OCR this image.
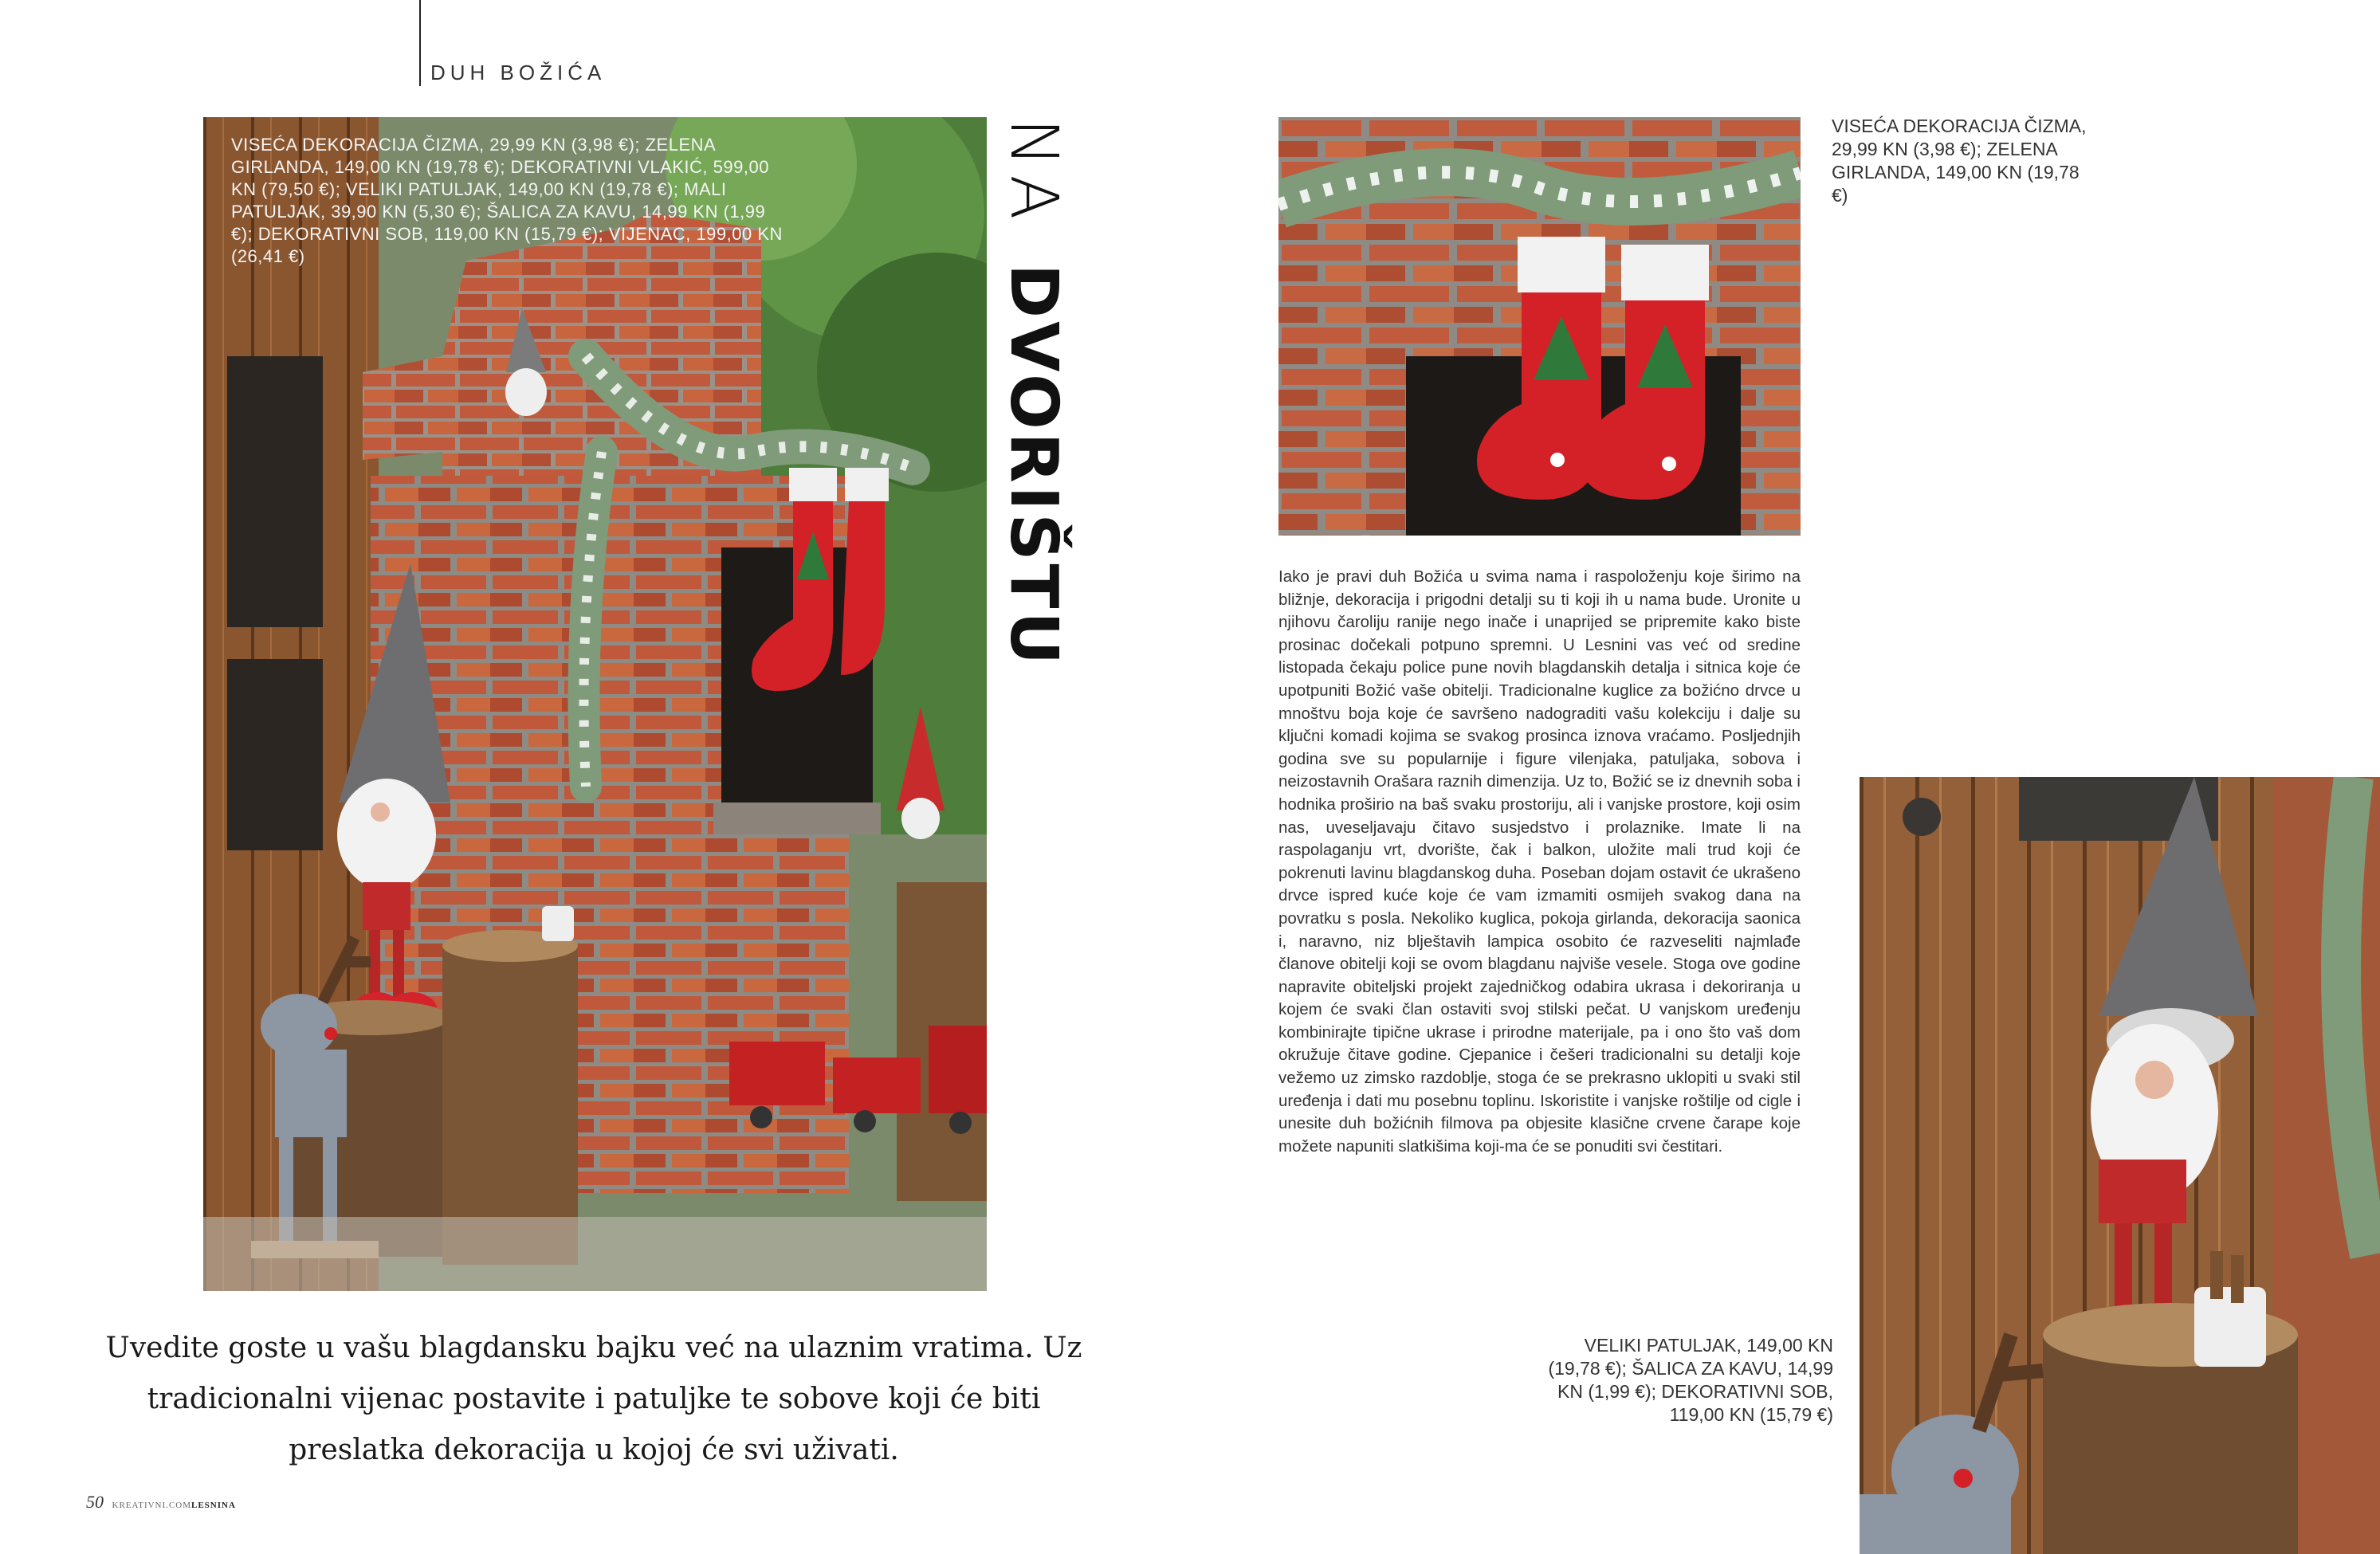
DUH BOŽIĆA
VISEĆA DEKORACIJA ČIZMA, 29,99 KN (3,98 €); ZELENA GIRLANDA, 149,00 KN (19,78 €); DEKORATIVNI VLAKIĆ, 599,00 KN (79,50 €); VELIKI PATULJAK, 149,00 KN (19,78 €); MALI PATULJAK, 39,90 KN (5,30 €); ŠALICA ZA KAVU, 14,99 KN (1,99 €); DEKORATIVNI SOB, 119,00 KN (15,79 €); VIJENAC, 199,00 KN (26,41 €)
NA DVORIŠTU
VISEĆA DEKORACIJA ČIZMA, 29,99 KN (3,98 €); ZELENA GIRLANDA, 149,00 KN (19,78 €)
Iako je pravi duh Božića u svima nama i raspoloženju koje širimo na bližnje, dekoracija i prigodni detalji su ti koji ih u nama bude. Uronite u njihovu čaroliju ranije nego inače i unaprijed se pripremite kako biste prosinac dočekali potpuno spremni. U Lesnini vas već od sredine listopada čekaju police pune novih blagdanskih detalja i sitnica koje će upotpuniti Božić vaše obitelji. Tradicionalne kuglice za božićno drvce u mnoštvu boja koje će savršeno nadograditi vašu kolekciju i dalje su ključni komadi kojima se svakog prosinca iznova vraćamo. Posljednjih godina sve su popularnije i figure vilenjaka, patuljaka, sobova i neizostavnih Orašara raznih dimenzija. Uz to, Božić se iz dnevnih soba i hodnika proširio na baš svaku prostoriju, ali i vanjske prostore, koji osim nas, uveseljavaju čitavo susjedstvo i prolaznike. Imate li na raspolaganju vrt, dvorište, čak i balkon, uložite mali trud koji će pokrenuti lavinu blagdanskog duha. Poseban dojam ostavit će ukrašeno drvce ispred kuće koje će vam izmamiti osmijeh svakog dana na povratku s posla. Nekoliko kuglica, pokoja girlanda, dekoracija saonica i, naravno, niz blještavih lampica osobito će razveseliti najmlađe članove obitelji koji se ovom blagdanu najviše vesele. Stoga ove godine napravite obiteljski projekt zajedničkog odabira ukrasa i dekoriranja u kojem će svaki član ostaviti svoj stilski pečat. U vanjskom uređenju kombinirajte tipične ukrase i prirodne materijale, pa i ono što vaš dom okružuje čitave godine. Cjepanice i češeri tradicionalni su detalji koje vežemo uz zimsko razdoblje, stoga će se prekrasno uklopiti u svaki stil uređenja i dati mu posebnu toplinu. Iskoristite i vanjske roštilje od cigle i unesite duh božićnih filmova pa objesite klasične crvene čarape koje možete napuniti slatkišima koji-ma će se ponuditi svi čestitari.
VELIKI PATULJAK, 149,00 KN (19,78 €); ŠALICA ZA KAVU, 14,99 KN (1,99 €); DEKORATIVNI SOB, 119,00 KN (15,79 €)
Uvedite goste u vašu blagdansku bajku već na ulaznim vratima. Uz tradicionalni vijenac postavite i patuljke te sobove koji će biti preslatka dekoracija u kojoj će svi uživati.
50 KREATIVNI.COMLESNINA
